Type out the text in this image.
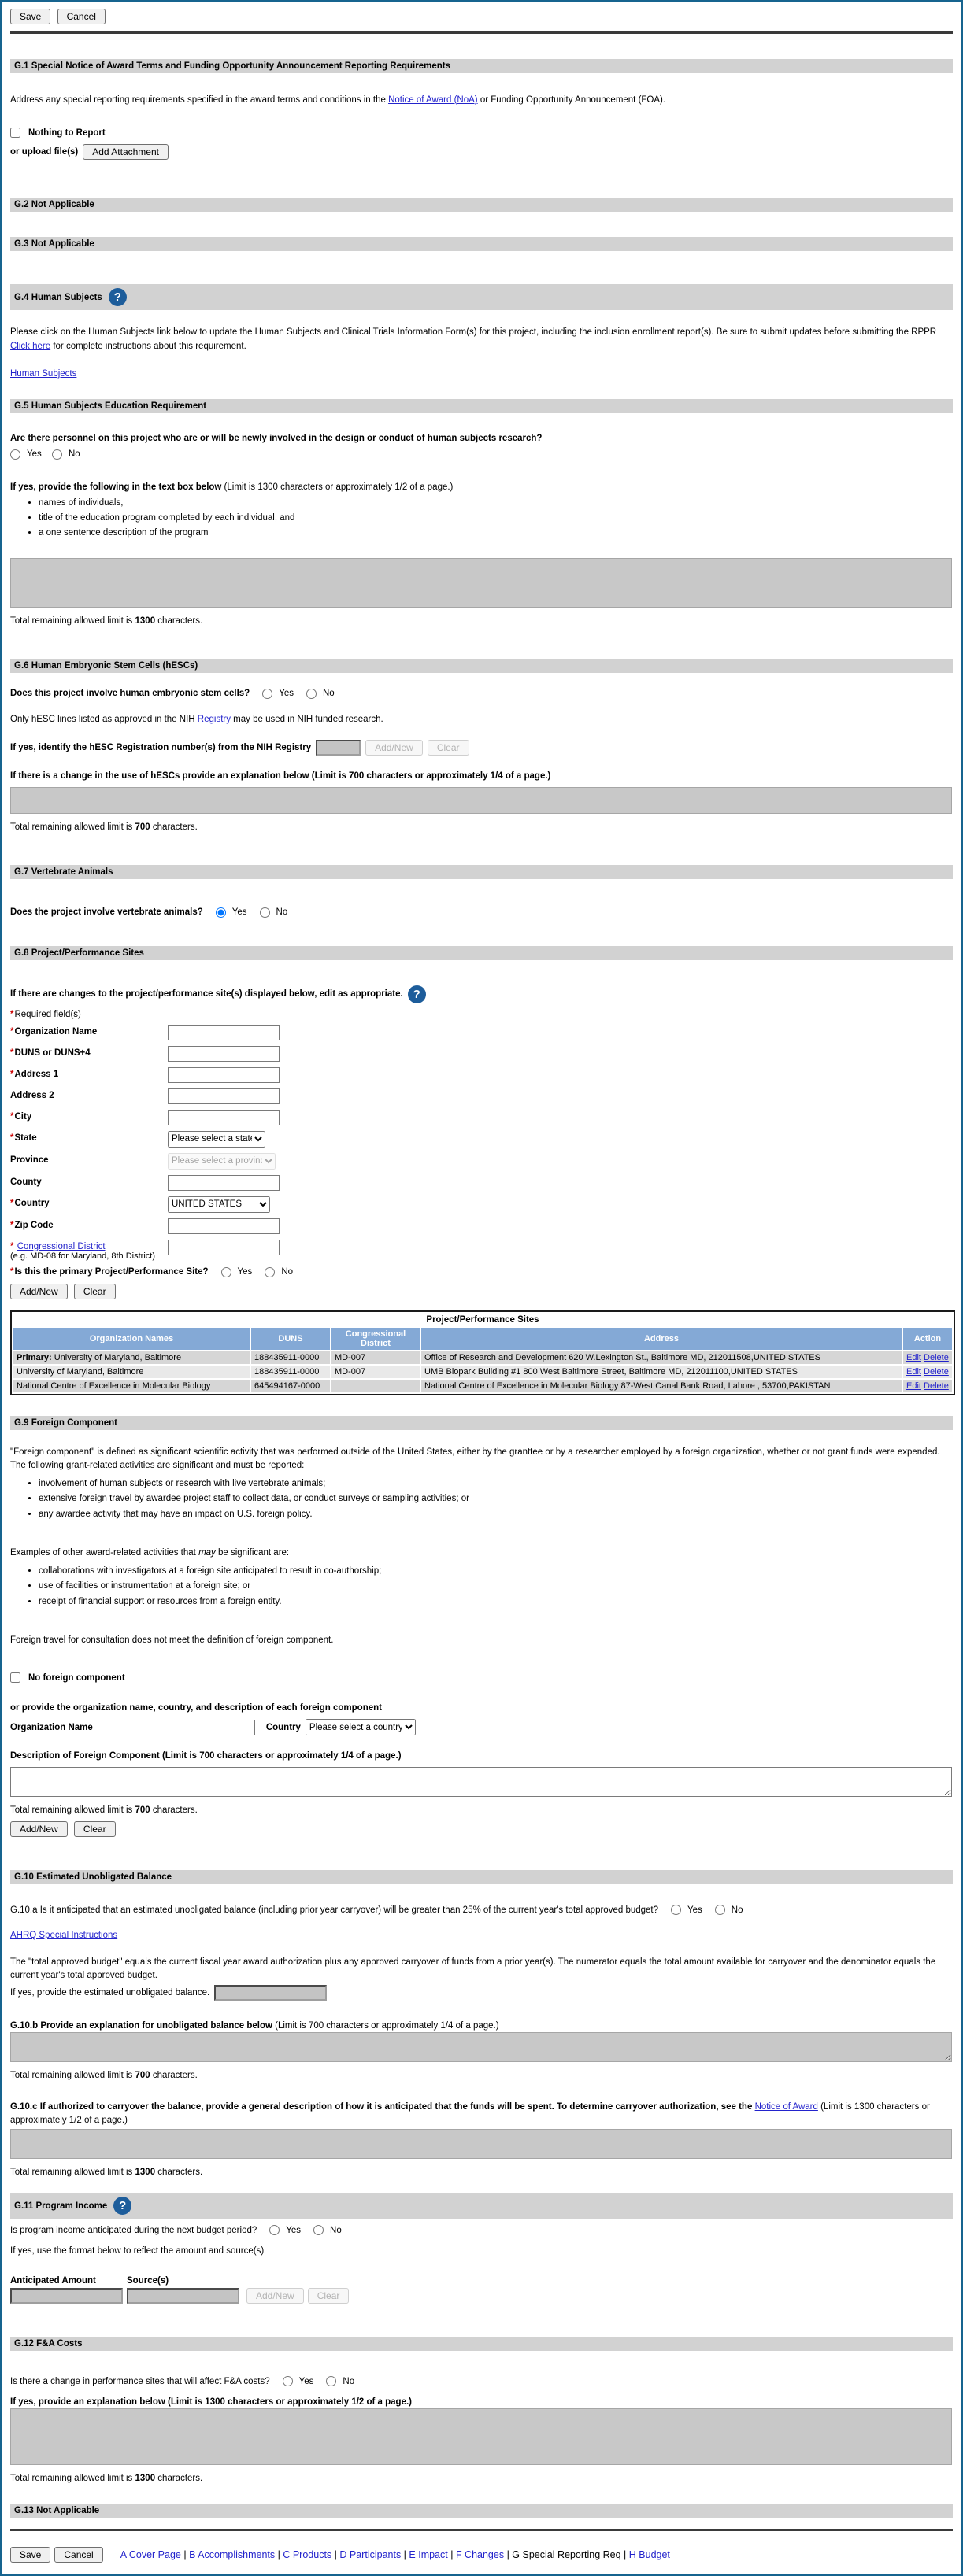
Save	Cancel
G.1 Special Notice of Award Terms and Funding Opportunity Announcement Reporting Requirements

Address any special reporting requirements specified in the award terms and conditions in the Notice of Award (NoA) or Funding Opportunity Announcement (FOA).

Nothing to Report
or upload file(s)	Add Attachment
G.2 Not Applicable
G.3 Not Applicable
G.4 Human Subjects
?

Please click on the Human Subjects link below to update the Human Subjects and Clinical Trials Information Form(s) for this project, including the inclusion enrollment report(s). Be sure to submit updates before submitting the RPPR Click here for complete instructions about this requirement.

Human Subjects

G.5 Human Subjects Education Requirement

Are there personnel on this project who are or will be newly involved in the design or conduct of human subjects research?

Yes
	No

If yes, provide the following in the text box below (Limit is 1300 characters or approximately 1/2 of a page.)

• names of individuals,
• title of the education program completed by each individual, and
• a one sentence description of the program

Total remaining allowed limit is 1300 characters.

G.6 Human Embryonic Stem Cells (hESCs)
Does this project involve human embryonic stem cells?	Yes	No

Only hESC lines listed as approved in the NIH Registry may be used in NIH funded research.

If yes, identify the hESC Registration number(s) from the NIH Registry	Add/New	Clear

If there is a change in the use of hESCs provide an explanation below (Limit is 700 characters or approximately 1/4 of a page.)

Total remaining allowed limit is 700 characters.

G.7 Vertebrate Animals
Does the project involve vertebrate animals?	Yes	No
G.8 Project/Performance Sites
If there are changes to the project/performance site(s) displayed below, edit as appropriate.
?

* Required field(s)

* Organization Name
* DUNS or DUNS+4
* Address 1
Address 2
* City
* State
Please select a state
Province
Please select a province
County
* Country
UNITED STATES
* Zip Code
* Congressional District
(e.g. MD-08 for Maryland, 8th District)
* Is this the primary Project/Performance Site?	Yes	No
Add/New	Clear
Project/Performance Sites				
Organization Names	DUNS	Congressional District	Address	Action
Primary: University of Maryland, Baltimore	188435911-0000	MD-007	Office of Research and Development 620 W.Lexington St., Baltimore MD, 212011508,UNITED STATES	Edit Delete
University of Maryland, Baltimore	188435911-0000	MD-007	UMB Biopark Building #1 800 West Baltimore Street, Baltimore MD, 212011100,UNITED STATES	Edit Delete
National Centre of Excellence in Molecular Biology	645494167-0000		National Centre of Excellence in Molecular Biology 87-West Canal Bank Road, Lahore , 53700,PAKISTAN	Edit Delete
G.9 Foreign Component

"Foreign component" is defined as significant scientific activity that was performed outside of the United States, either by the granttee or by a researcher employed by a foreign organization, whether or not grant funds were expended. The following grant-related activities are significant and must be reported:

• involvement of human subjects or research with live vertebrate animals;
• extensive foreign travel by awardee project staff to collect data, or conduct surveys or sampling activities; or
• any awardee activity that may have an impact on U.S. foreign policy.

Examples of other award-related activities that may be significant are:

• collaborations with investigators at a foreign site anticipated to result in co-authorship;
• use of facilities or instrumentation at a foreign site; or
• receipt of financial support or resources from a foreign entity.

Foreign travel for consultation does not meet the definition of foreign component.

No foreign component

or provide the organization name, country, and description of each foreign component

Organization Name	Country
Please select a country

Description of Foreign Component (Limit is 700 characters or approximately 1/4 of a page.)

Total remaining allowed limit is 700 characters.

Add/New	Clear
G.10 Estimated Unobligated Balance
G.10.a Is it anticipated that an estimated unobligated balance (including prior year carryover) will be greater than 25% of the current year's total approved budget?	Yes	No

AHRQ Special Instructions

The "total approved budget" equals the current fiscal year award authorization plus any approved carryover of funds from a prior year(s). The numerator equals the total amount available for carryover and the denominator equals the current year's total approved budget.

If yes, provide the estimated unobligated balance.

G.10.b Provide an explanation for unobligated balance below (Limit is 700 characters or approximately 1/4 of a page.)

Total remaining allowed limit is 700 characters.

G.10.c If authorized to carryover the balance, provide a general description of how it is anticipated that the funds will be spent. To determine carryover authorization, see the Notice of Award (Limit is 1300 characters or approximately 1/2 of a page.)

Total remaining allowed limit is 1300 characters.

G.11 Program Income
?
Is program income anticipated during the next budget period?	Yes	No

If yes, use the format below to reflect the amount and source(s)

Anticipated Amount	Source(s)
Add/New	Clear
G.12 F&A Costs
Is there a change in performance sites that will affect F&A costs?	Yes	No

If yes, provide an explanation below (Limit is 1300 characters or approximately 1/2 of a page.)

Total remaining allowed limit is 1300 characters.

G.13 Not Applicable
Save	Cancel	A Cover Page | B Accomplishments | C Products | D Participants | E Impact | F Changes | G Special Reporting Req | H Budget
